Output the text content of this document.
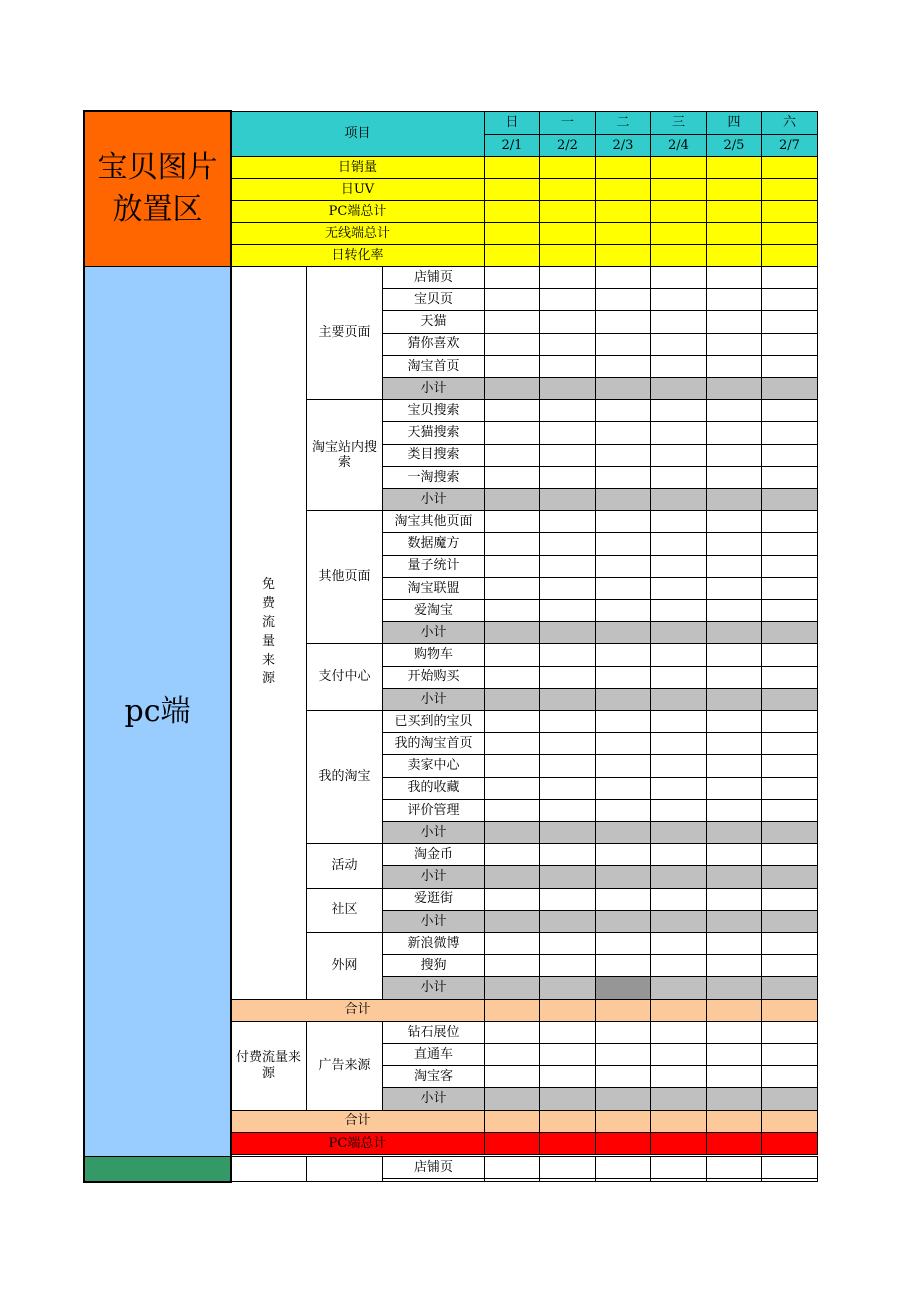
项目
日
2/1
一
2/2
二
2/3
三
2/4
四
2/5
六
2/7
宝贝图片放置区
日销量
日UV
PC端总计
无线端总计
日转化率
店铺页
宝贝页
天猫
猜你喜欢
淘宝首页
小计
主要页面
宝贝搜索
天猫搜索
类目搜索
一淘搜索
小计
淘宝站内搜索
淘宝其他页面
数据魔方
量子统计
淘宝联盟
爱淘宝
小计
其他页面
购物车
开始购买
小计
支付中心
已买到的宝贝
我的淘宝首页
卖家中心
我的收藏
评价管理
小计
我的淘宝
淘金币
小计
活动
爱逛街
小计
社区
新浪微博
搜狗
小计
外网
免费流量来源
合计
钻石展位
直通车
淘宝客
小计
广告来源
付费流量来源
合计
PC端总计
pc端
店铺页
